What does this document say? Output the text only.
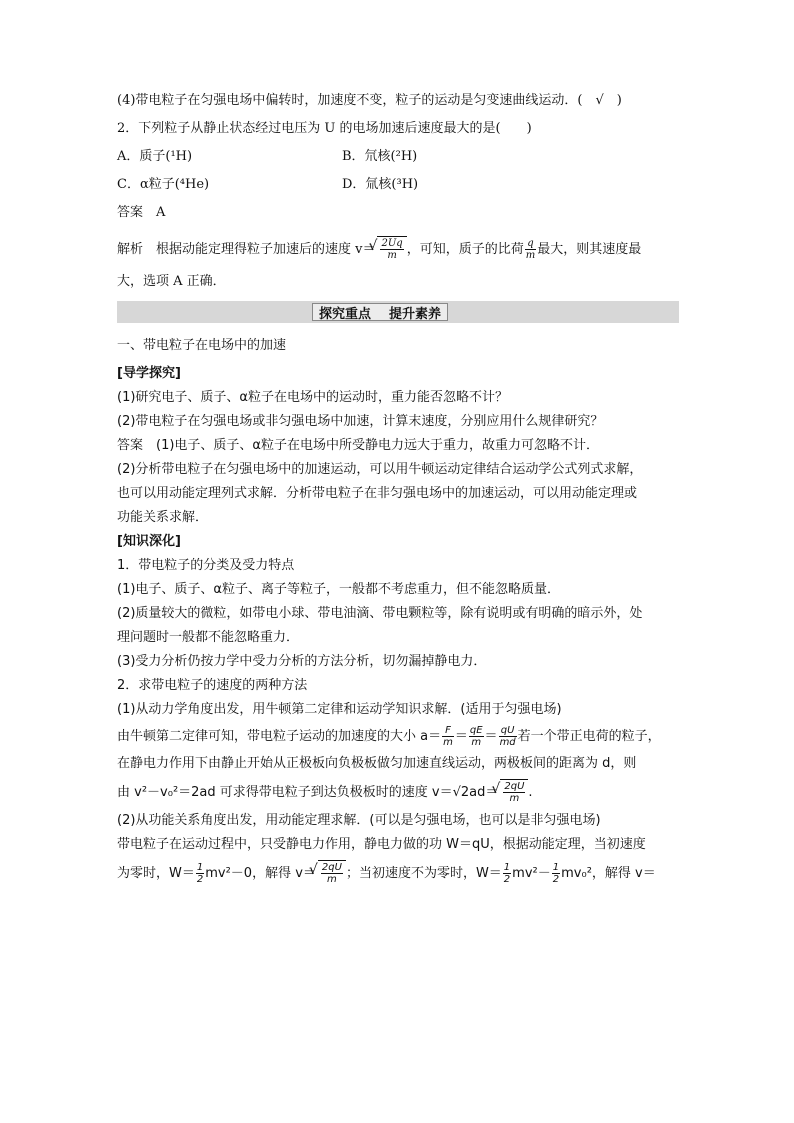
(4)带电粒子在匀强电场中偏转时，加速度不变，粒子的运动是匀变速曲线运动．(　√　)
2．下列粒子从静止状态经过电压为 U 的电场加速后速度最大的是(　　)
A．质子(¹H)	B．氘核(²H)
C．α粒子(⁴He)	D．氚核(³H)
答案　A
解析　根据动能定理得粒子加速后的速度 v＝ √ $\frac{2Uq}{m}$ ，可知，质子的比荷 $\frac{q}{m}$ 最大，则其速度最
大，选项 A 正确．
探究重点 提升素养
一、带电粒子在电场中的加速
[导学探究]
(1)研究电子、质子、α粒子在电场中的运动时，重力能否忽略不计？
(2)带电粒子在匀强电场或非匀强电场中加速，计算末速度，分别应用什么规律研究？
答案　(1)电子、质子、α粒子在电场中所受静电力远大于重力，故重力可忽略不计．
(2)分析带电粒子在匀强电场中的加速运动，可以用牛顿运动定律结合运动学公式列式求解，
也可以用动能定理列式求解．分析带电粒子在非匀强电场中的加速运动，可以用动能定理或
功能关系求解．
[知识深化]
1．带电粒子的分类及受力特点
(1)电子、质子、α粒子、离子等粒子，一般都不考虑重力，但不能忽略质量．
(2)质量较大的微粒，如带电小球、带电油滴、带电颗粒等，除有说明或有明确的暗示外，处
理问题时一般都不能忽略重力．
(3)受力分析仍按力学中受力分析的方法分析，切勿漏掉静电力．
2．求带电粒子的速度的两种方法
(1)从动力学角度出发，用牛顿第二定律和运动学知识求解．(适用于匀强电场)
由牛顿第二定律可知，带电粒子运动的加速度的大小 $a= \frac{F}{m} = \frac{qE}{m} = \frac{qU}{md}$ 若一个带正电荷的粒子，
在静电力作用下由静止开始从正极板向负极板做匀加速直线运动，两极板间的距离为 d，则
由 v²－v₀²＝2ad 可求得带电粒子到达负极板时的速度 v＝√2ad＝ √ $\frac{2qU}{m}$ .
(2)从功能关系角度出发，用动能定理求解．(可以是匀强电场，也可以是非匀强电场)
带电粒子在运动过程中，只受静电力作用，静电力做的功 W＝qU，根据动能定理，当初速度
为零时，$W= \frac{1}{2} mv^2-0$，解得 v＝ √ $\frac{2qU}{m}$ ；当初速度不为零时，$W= \frac{1}{2} mv^2- \frac{1}{2} mv_0^2$，解得 v＝
